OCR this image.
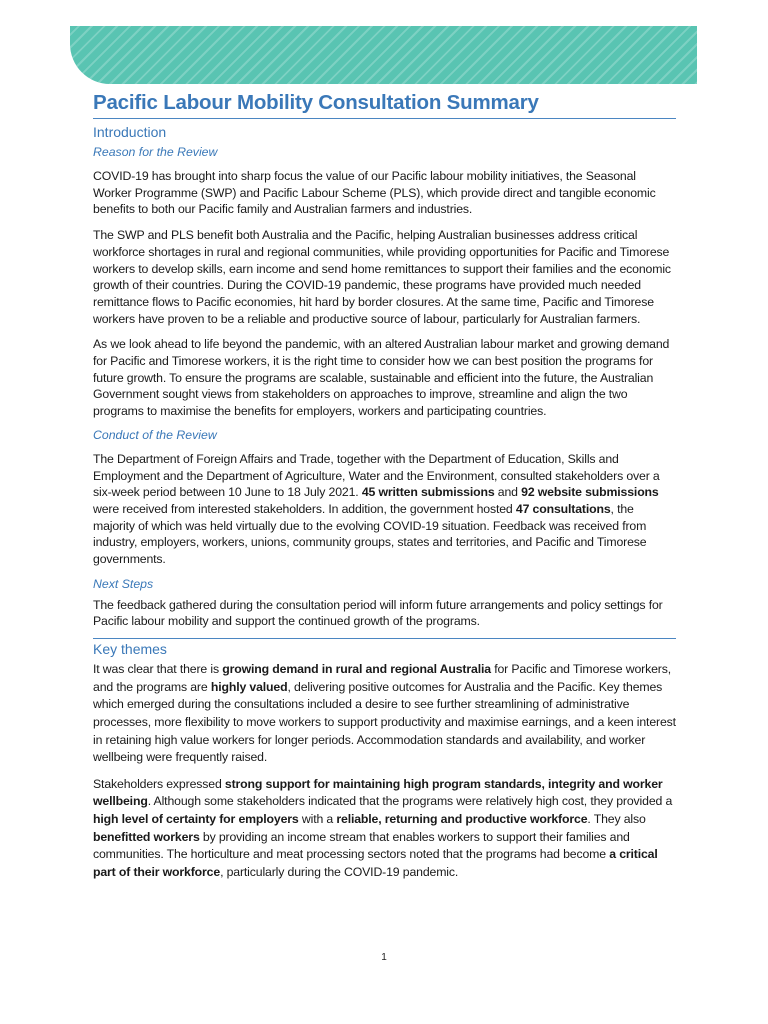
Pacific Labour Mobility Consultation Summary
Introduction
Reason for the Review

COVID-19 has brought into sharp focus the value of our Pacific labour mobility initiatives, the Seasonal Worker Programme (SWP) and Pacific Labour Scheme (PLS), which provide direct and tangible economic benefits to both our Pacific family and Australian farmers and industries.

The SWP and PLS benefit both Australia and the Pacific, helping Australian businesses address critical workforce shortages in rural and regional communities, while providing opportunities for Pacific and Timorese workers to develop skills, earn income and send home remittances to support their families and the economic growth of their countries. During the COVID-19 pandemic, these programs have provided much needed remittance flows to Pacific economies, hit hard by border closures. At the same time, Pacific and Timorese workers have proven to be a reliable and productive source of labour, particularly for Australian farmers.

As we look ahead to life beyond the pandemic, with an altered Australian labour market and growing demand for Pacific and Timorese workers, it is the right time to consider how we can best position the programs for future growth. To ensure the programs are scalable, sustainable and efficient into the future, the Australian Government sought views from stakeholders on approaches to improve, streamline and align the two programs to maximise the benefits for employers, workers and participating countries.

Conduct of the Review

The Department of Foreign Affairs and Trade, together with the Department of Education, Skills and Employment and the Department of Agriculture, Water and the Environment, consulted stakeholders over a six-week period between 10 June to 18 July 2021. 45 written submissions and 92 website submissions were received from interested stakeholders. In addition, the government hosted 47 consultations, the majority of which was held virtually due to the evolving COVID-19 situation. Feedback was received from industry, employers, workers, unions, community groups, states and territories, and Pacific and Timorese governments.

Next Steps

The feedback gathered during the consultation period will inform future arrangements and policy settings for Pacific labour mobility and support the continued growth of the programs.

Key themes

It was clear that there is growing demand in rural and regional Australia for Pacific and Timorese workers, and the programs are highly valued, delivering positive outcomes for Australia and the Pacific. Key themes which emerged during the consultations included a desire to see further streamlining of administrative processes, more flexibility to move workers to support productivity and maximise earnings, and a keen interest in retaining high value workers for longer periods. Accommodation standards and availability, and worker wellbeing were frequently raised.

Stakeholders expressed strong support for maintaining high program standards, integrity and worker wellbeing. Although some stakeholders indicated that the programs were relatively high cost, they provided a high level of certainty for employers with a reliable, returning and productive workforce. They also benefitted workers by providing an income stream that enables workers to support their families and communities. The horticulture and meat processing sectors noted that the programs had become a critical part of their workforce, particularly during the COVID-19 pandemic.

1
